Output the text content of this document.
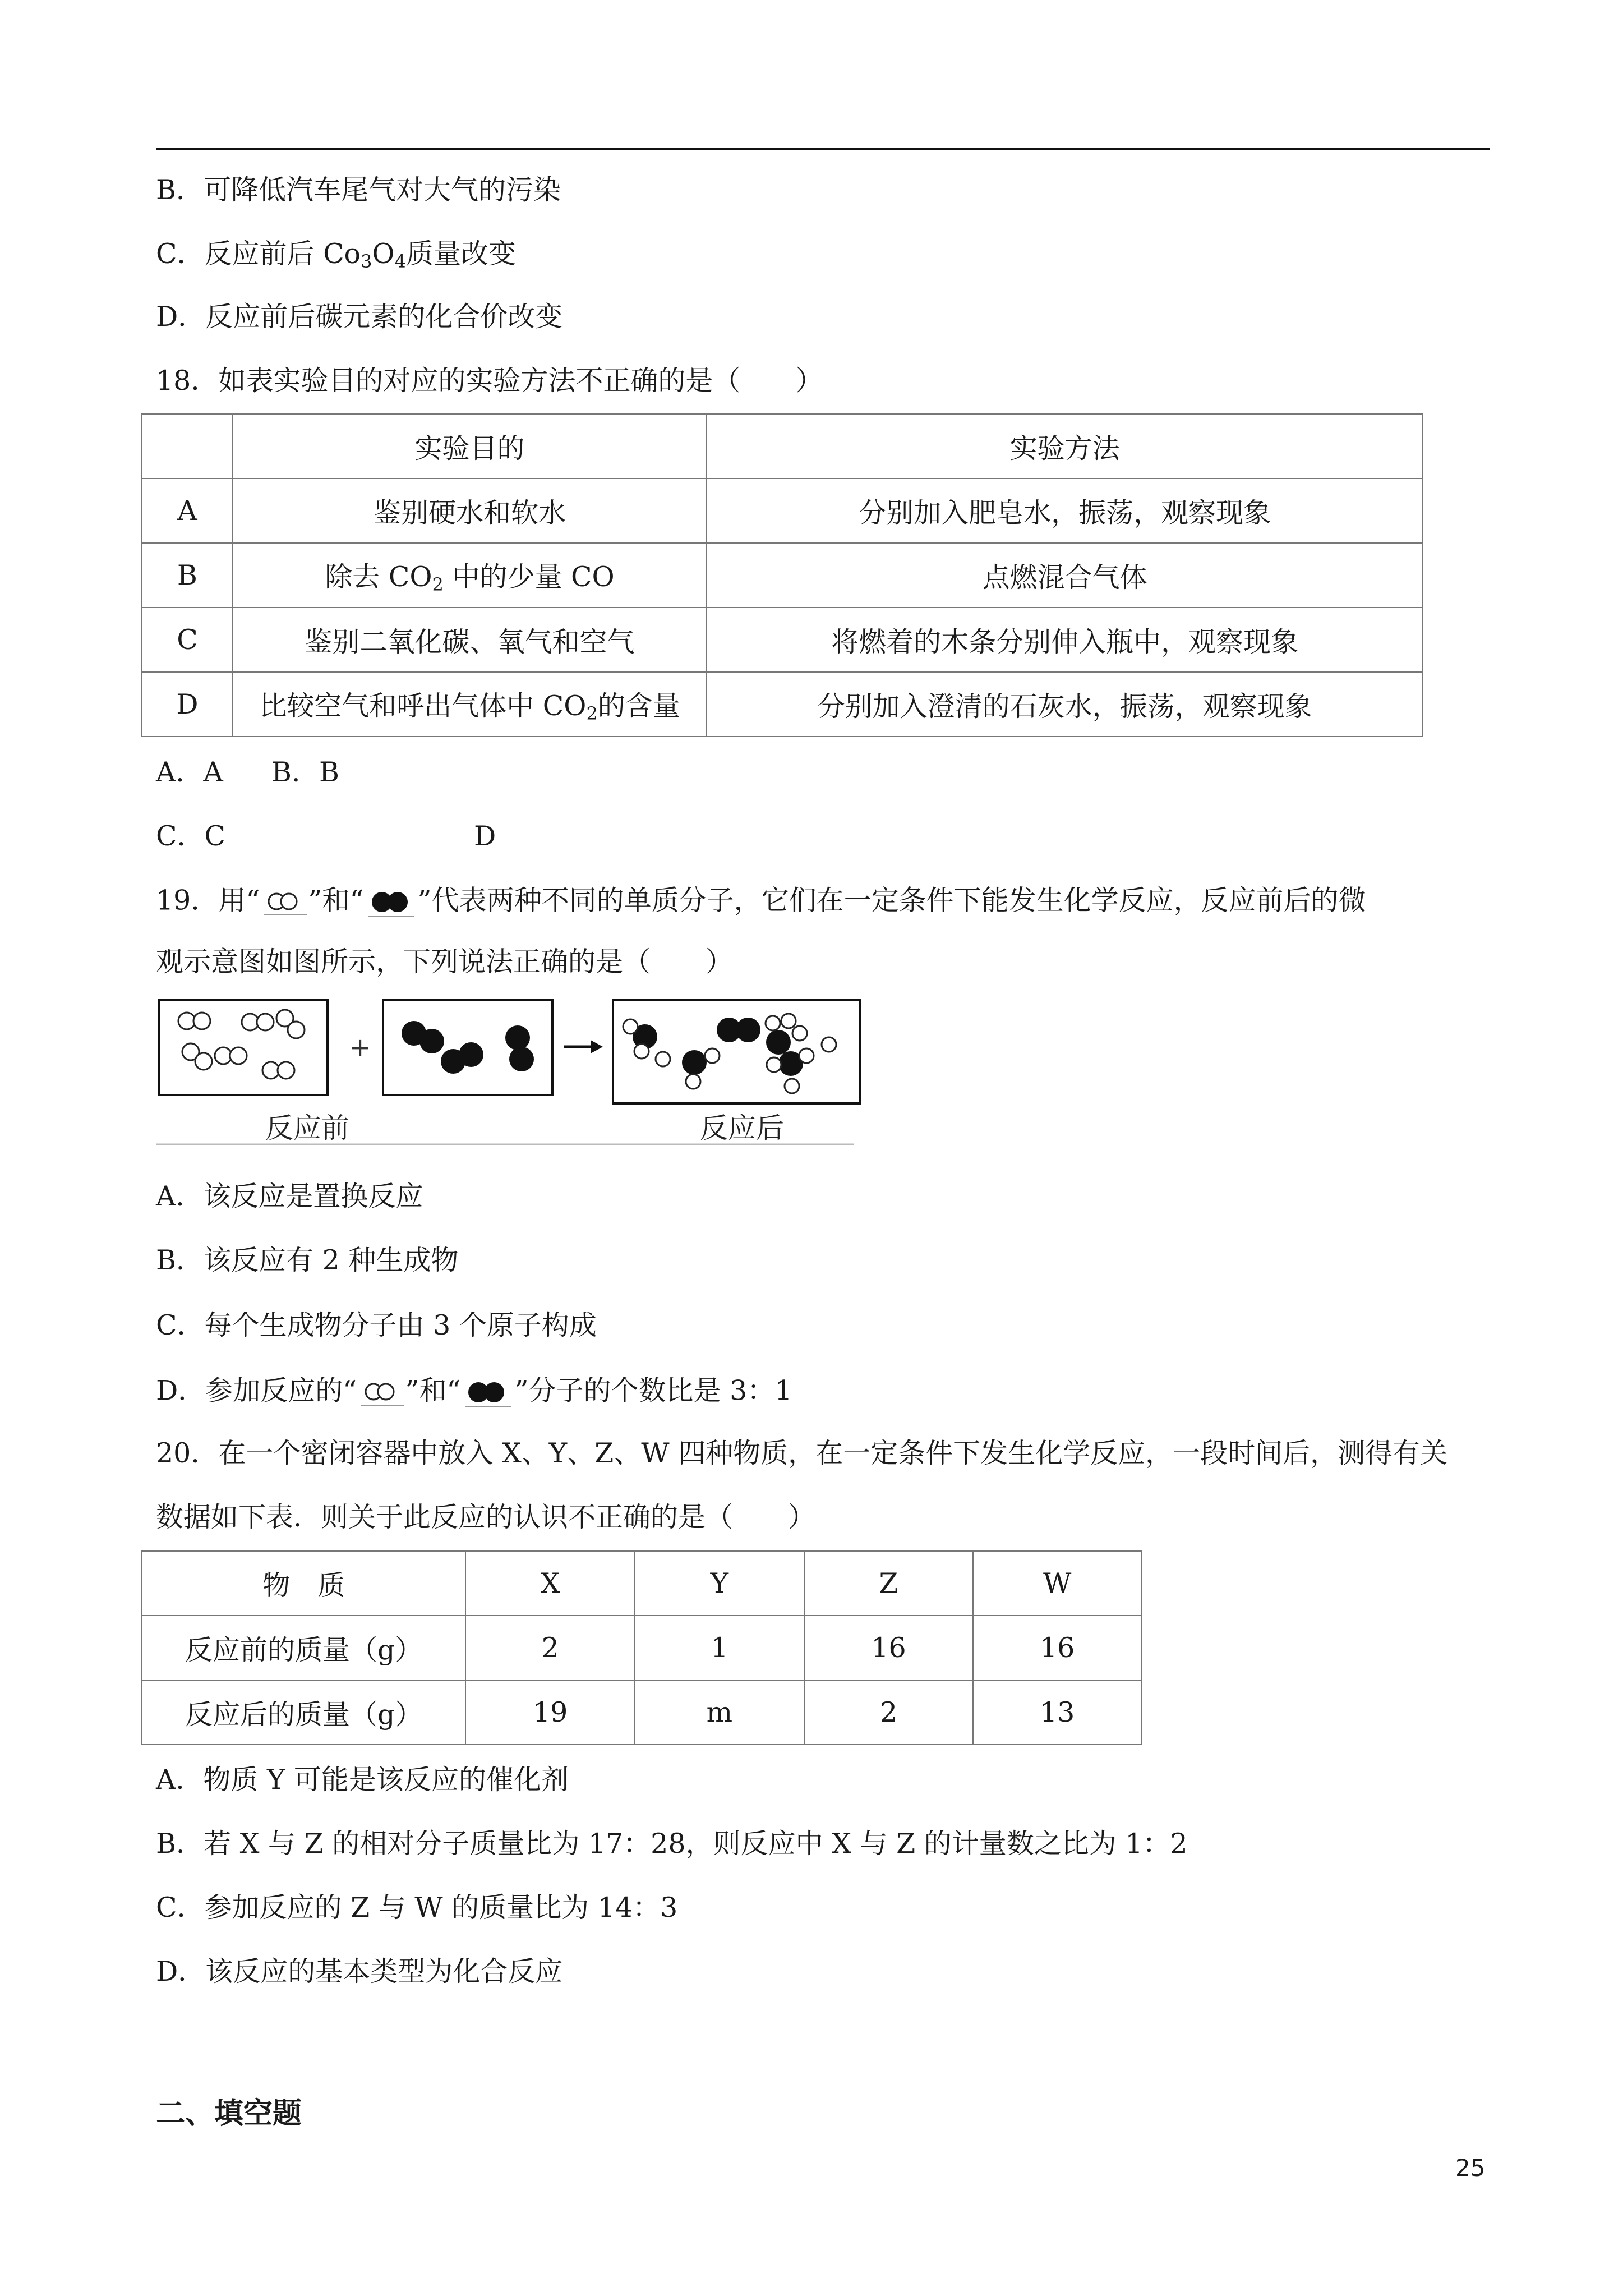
B．可降低汽车尾气对大气的污染
C．反应前后 $Co_3O_4$质量改变
D．反应前后碳元素的化合价改变
18．如表实验目的对应的实验方法不正确的是（　　）
	实验目的	实验方法
A	鉴别硬水和软水	分别加入肥皂水，振荡，观察现象
B	除去 $CO_2$ 中的少量 CO	点燃混合气体
C	鉴别二氧化碳、氧气和空气	将燃着的木条分别伸入瓶中，观察现象
D	比较空气和呼出气体中 $CO_2$的含量	分别加入澄清的石灰水，振荡，观察现象
A．A B．B
C．C	D
19．用“ ”和“ ”代表两种不同的单质分子，它们在一定条件下能发生化学反应，反应前后的微
观示意图如图所示，下列说法正确的是（　　）
+
反应前	反应后
A．该反应是置换反应
B．该反应有 2 种生成物
C．每个生成物分子由 3 个原子构成
D．参加反应的“ ”和“ ”分子的个数比是 3：1
20．在一个密闭容器中放入 X、Y、Z、W 四种物质，在一定条件下发生化学反应，一段时间后，测得有关
数据如下表．则关于此反应的认识不正确的是（　　）
物　质	X	Y	Z	W
反应前的质量（g）	2	1	16	16
反应后的质量（g）	19	m	2	13
A．物质 Y 可能是该反应的催化剂
B．若 X 与 Z 的相对分子质量比为 17：28，则反应中 X 与 Z 的计量数之比为 1：2
C．参加反应的 Z 与 W 的质量比为 14：3
D．该反应的基本类型为化合反应
二、填空题
25
